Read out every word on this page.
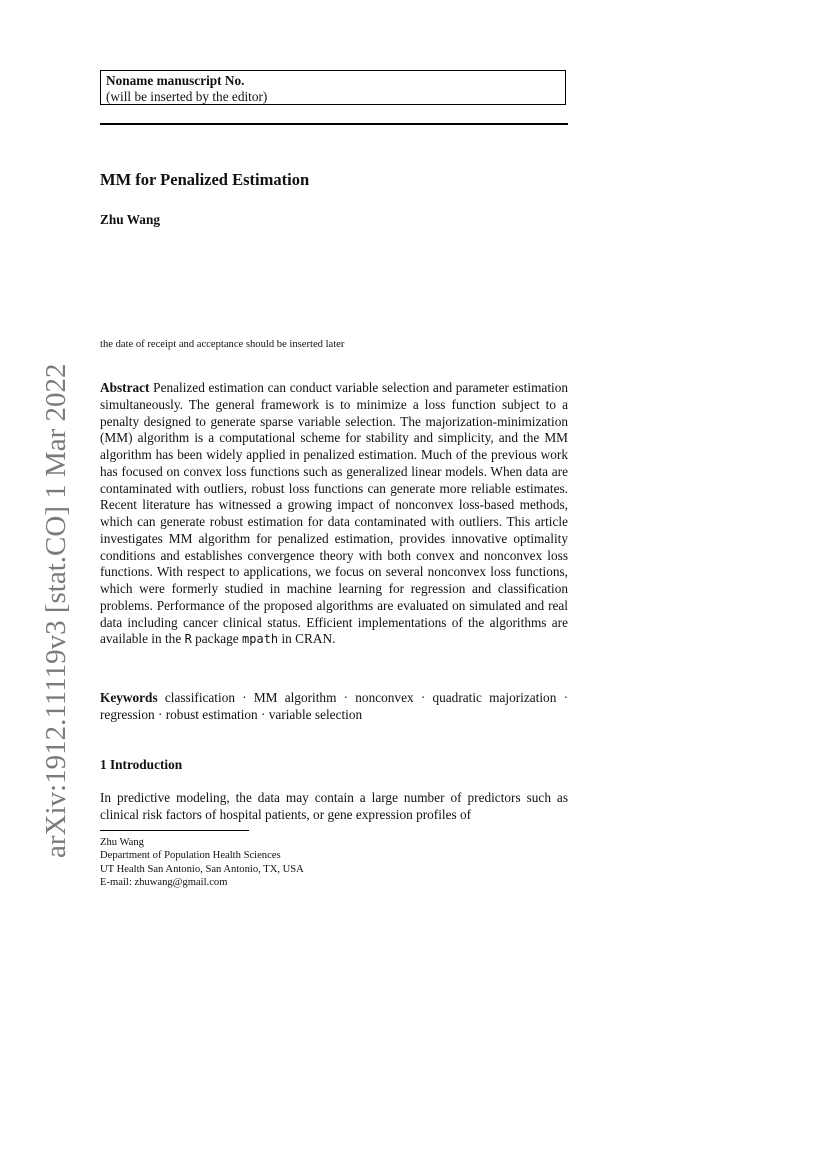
Noname manuscript No.
(will be inserted by the editor)
MM for Penalized Estimation
Zhu Wang
the date of receipt and acceptance should be inserted later
Abstract Penalized estimation can conduct variable selection and parameter estimation simultaneously. The general framework is to minimize a loss function subject to a penalty designed to generate sparse variable selection. The majorization-minimization (MM) algorithm is a computational scheme for stability and simplicity, and the MM algorithm has been widely applied in penalized estimation. Much of the previous work has focused on convex loss functions such as generalized linear models. When data are contaminated with outliers, robust loss functions can generate more reliable estimates. Recent literature has witnessed a growing impact of nonconvex loss-based methods, which can generate robust estimation for data contaminated with outliers. This article investigates MM algorithm for penalized estimation, provides innovative optimality conditions and establishes convergence theory with both convex and nonconvex loss functions. With respect to applications, we focus on several nonconvex loss functions, which were formerly studied in machine learning for regression and classification problems. Performance of the proposed algorithms are evaluated on simulated and real data including cancer clinical status. Efficient implementations of the algorithms are available in the R package mpath in CRAN.
Keywords classification · MM algorithm · nonconvex · quadratic majorization · regression · robust estimation · variable selection
1 Introduction
In predictive modeling, the data may contain a large number of predictors such as clinical risk factors of hospital patients, or gene expression profiles of
Zhu Wang
Department of Population Health Sciences
UT Health San Antonio, San Antonio, TX, USA
E-mail: zhuwang@gmail.com
arXiv:1912.11119v3 [stat.CO] 1 Mar 2022
